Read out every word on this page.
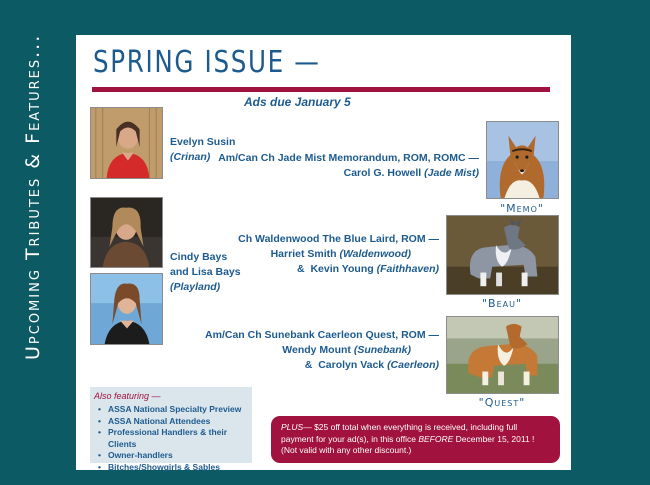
Upcoming Tributes & Features... SPRING ISSUE —
Ads due January 5
Evelyn Susin
(Crinan)
Cindy Bays
and Lisa Bays
(Playland)
"Memo"
"Beau"
"Quest"
Am/Can Ch Jade Mist Memorandum, ROM, ROMC —
Carol G. Howell (Jade Mist)
Ch Waldenwood The Blue Laird, ROM —
Harriet Smith (Waldenwood)
&  Kevin Young (Faithhaven)
Am/Can Ch Sunebank Caerleon Quest, ROM —
Wendy Mount (Sunebank)
&  Carolyn Vack (Caerleon)
Also featuring —
• ASSA National Specialty Preview
• ASSA National Attendees
• Professional Handlers & their Clients
• Owner-handlers
• Bitches/Showgirls & Sables
PLUS— $25 off total when everything is received, including full payment for your ad(s), in this office BEFORE December 15, 2011 ! (Not valid with any other discount.)
